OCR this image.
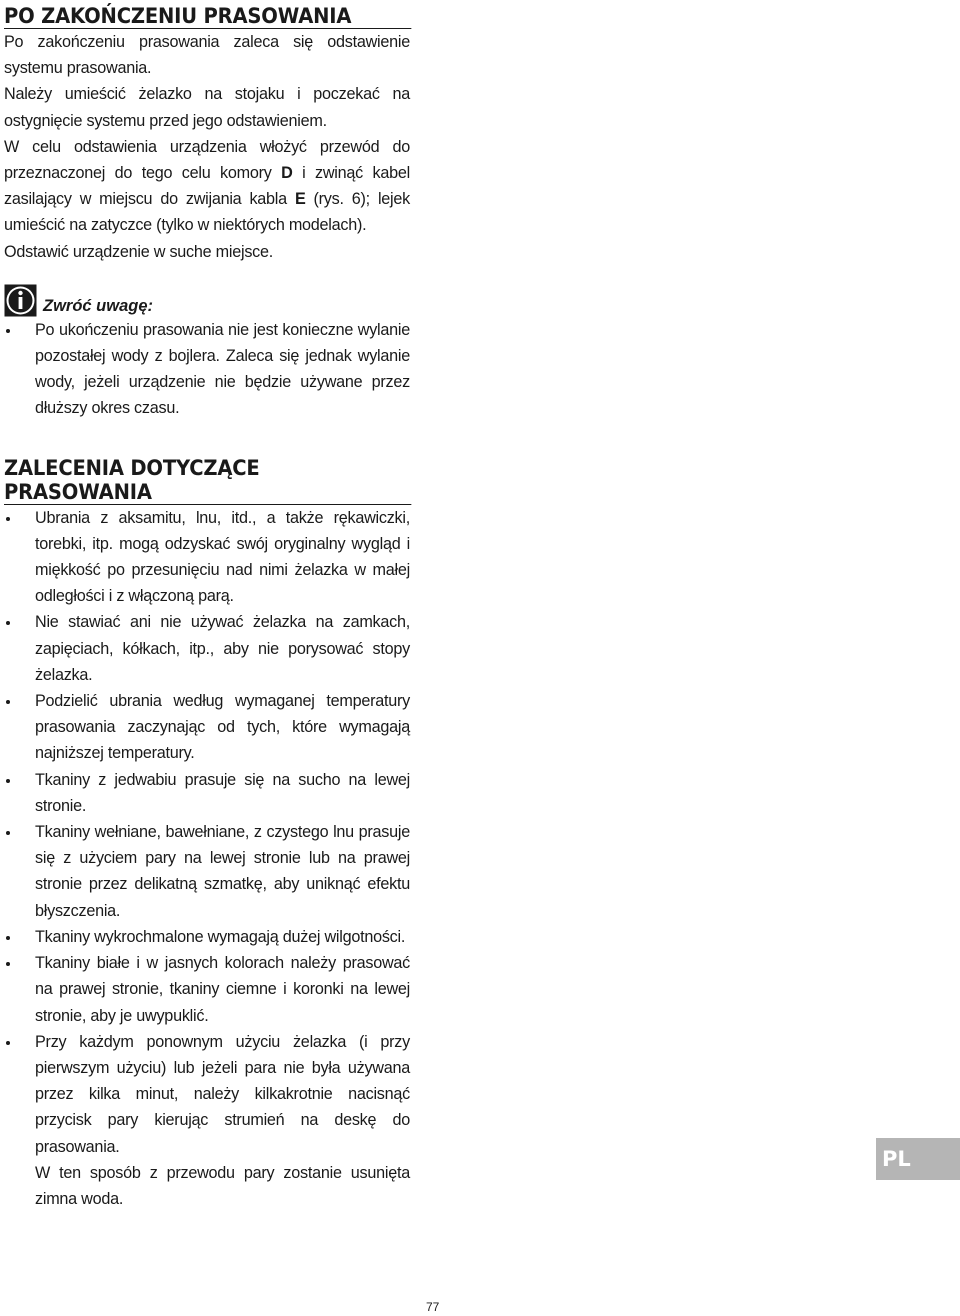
PO ZAKOŃCZENIU PRASOWANIA

Po zakończeniu prasowania zaleca się odstawienie systemu prasowania.

Należy umieścić żelazko na stojaku i poczekać na ostygnięcie systemu przed jego odstawieniem.

W celu odstawienia urządzenia włożyć przewód do przeznaczonej do tego celu komory D i zwinąć kabel zasilający w miejscu do zwijania kabla E (rys. 6); lejek umieścić na zatyczce (tylko w niektórych modelach).

Odstawić urządzenie w suche miejsce.

Zwróć uwagę:
Po ukończeniu prasowania nie jest konieczne wylanie pozostałej wody z bojlera. Zaleca się jednak wylanie wody, jeżeli urządzenie nie będzie używane przez dłuższy okres czasu.
ZALECENIA DOTYCZĄCE PRASOWANIA
Ubrania z aksamitu, lnu, itd., a także rękawiczki, torebki, itp. mogą odzyskać swój oryginalny wygląd i miękkość po przesunięciu nad nimi żelazka w małej odległości i z włączoną parą.
Nie stawiać ani nie używać żelazka na zamkach, zapięciach, kółkach, itp., aby nie porysować stopy żelazka.
Podzielić ubrania według wymaganej temperatury prasowania zaczynając od tych, które wymagają najniższej temperatury.
Tkaniny z jedwabiu prasuje się na sucho na lewej stronie.
Tkaniny wełniane, bawełniane, z czystego lnu prasuje się z użyciem pary na lewej stronie lub na prawej stronie przez delikatną szmatkę, aby uniknąć efektu błyszczenia.
Tkaniny wykrochmalone wymagają dużej wilgotności.
Tkaniny białe i w jasnych kolorach należy prasować na prawej stronie, tkaniny ciemne i koronki na lewej stronie, aby je uwypuklić.
Przy każdym ponownym użyciu żelazka (i przy pierwszym użyciu) lub jeżeli para nie była używana przez kilka minut, należy kilkakrotnie nacisnąć przycisk pary kierując strumień na deskę do prasowania.
W ten sposób z przewodu pary zostanie usunięta zimna woda.
PL
77
